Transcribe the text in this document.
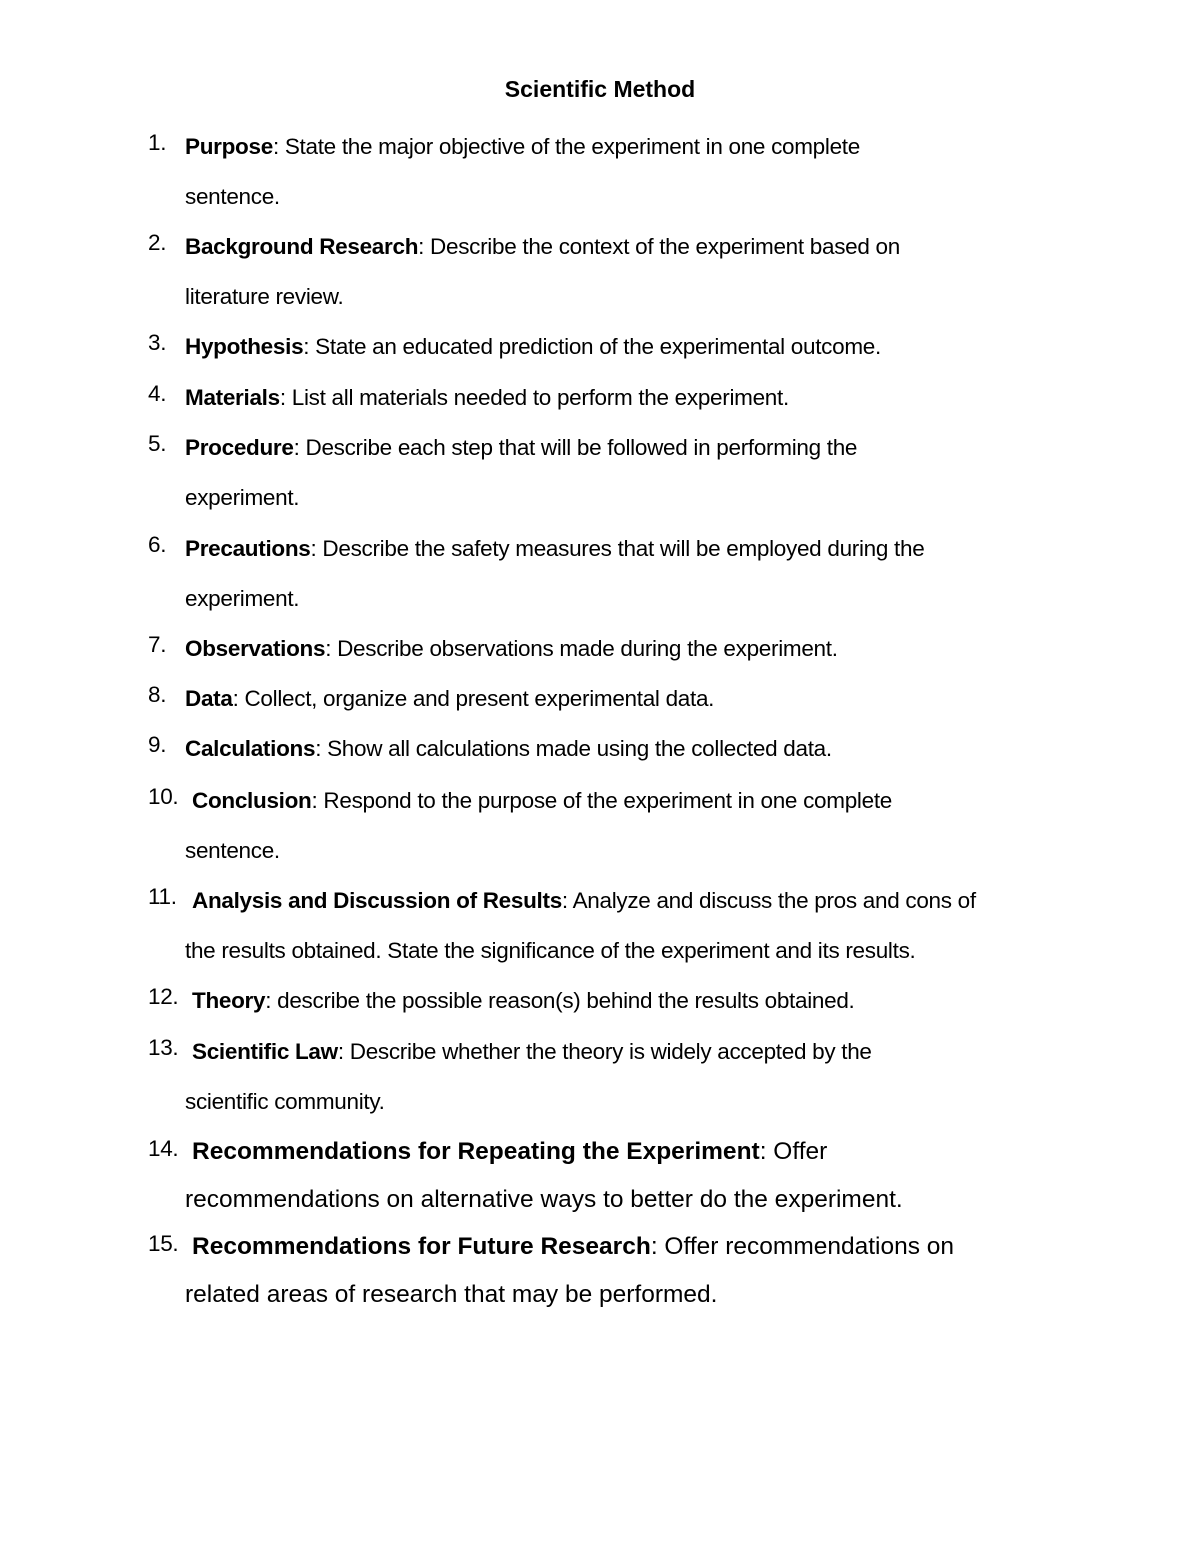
Scientific Method
1. Purpose: State the major objective of the experiment in one complete
sentence.
2. Background Research: Describe the context of the experiment based on
literature review.
3. Hypothesis: State an educated prediction of the experimental outcome.
4. Materials: List all materials needed to perform the experiment.
5. Procedure: Describe each step that will be followed in performing the
experiment.
6. Precautions: Describe the safety measures that will be employed during the
experiment.
7. Observations: Describe observations made during the experiment.
8. Data: Collect, organize and present experimental data.
9. Calculations: Show all calculations made using the collected data.
10. Conclusion: Respond to the purpose of the experiment in one complete
sentence.
11. Analysis and Discussion of Results: Analyze and discuss the pros and cons of
the results obtained. State the significance of the experiment and its results.
12. Theory: describe the possible reason(s) behind the results obtained.
13. Scientific Law: Describe whether the theory is widely accepted by the
scientific community.
14. Recommendations for Repeating the Experiment: Offer
recommendations on alternative ways to better do the experiment.
15. Recommendations for Future Research: Offer recommendations on
related areas of research that may be performed.
